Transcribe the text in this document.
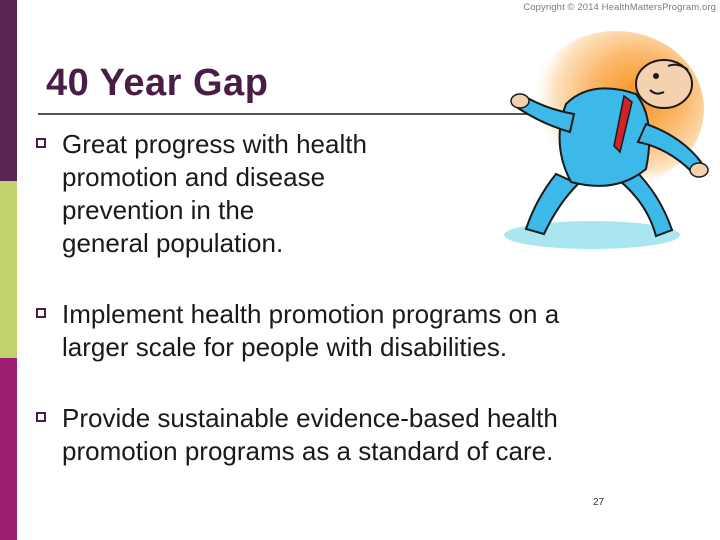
Copyright © 2014 HealthMattersProgram.org
40 Year Gap
Great progress with health
promotion and disease
prevention in the
general population.
Implement health promotion programs on a
larger scale for people with disabilities.
Provide sustainable evidence-based health
promotion programs as a standard of care.
27
